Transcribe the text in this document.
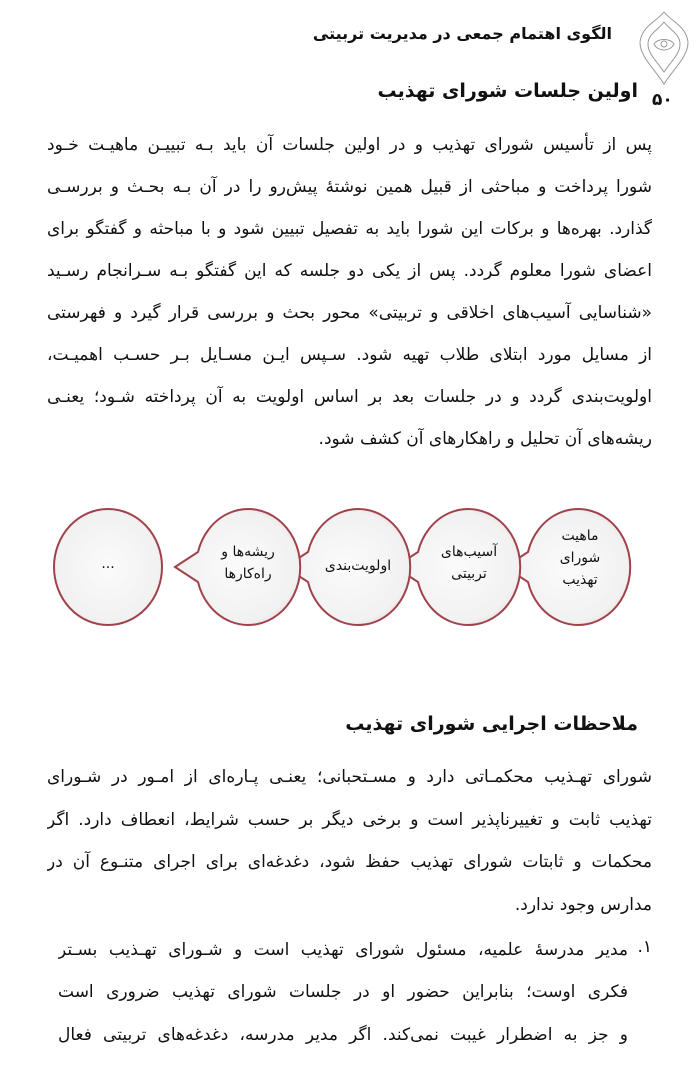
الگوی اهتمام جمعی در مدیریت تربیتی
۵۰
اولین جلسات شورای تهذیب
پس از تأسیس شورای تهذیب و در اولین جلسات آن باید بـه تبییـن ماهیـت خـود
شورا پرداخت و مباحثی از قبیل همین نوشتهٔ پیش‌رو را در آن بـه بحـث و بررسـی
گذارد. بهره‌ها و برکات این شورا باید به تفصیل تبیین شود و با مباحثه و گفتگو برای
اعضای شورا معلوم گردد. پس از یکی دو جلسه که این گفتگو بـه سـرانجام رسـید
«شناسایی آسیب‌های اخلاقی و تربیتی» محور بحث و بررسی قرار گیرد و فهرستی
از مسایل مورد ابتلای طلاب تهیه شود. سـپس ایـن مسـایل بـر حسـب اهمیـت،
اولویت‌بندی گردد و در جلسات بعد بر اساس اولویت به آن پرداخته شـود؛ یعنـی
ریشه‌های آن تحلیل و راهکارهای آن کشف شود.
ماهیت
شورای
تهذیب
آسیب‌های
تربیتی
اولویت‌بندی
ریشه‌ها و
راه‌کارها
...
ملاحظات اجرایی شورای تهذیب
شورای تهـذیب محکمـاتی دارد و مسـتحبانی؛ یعنـی پـاره‌ای از امـور در شـورای
تهذیب ثابت و تغییرناپذیر است و برخی دیگر بر حسب شرایط، انعطاف دارد. اگر
محکمات و ثابتات شورای تهذیب حفظ شود، دغدغه‌ای برای اجرای متنـوع آن در
مدارس وجود ندارد.
۱.
مدیر مدرسهٔ علمیه، مسئول شورای تهذیب است و شـورای تهـذیب بسـتر
فکری اوست؛ بنابراین حضور او در جلسات شورای تهذیب ضروری است
و جز به اضطرار غیبت نمی‌کند. اگر مدیر مدرسه، دغدغه‌های تربیتی فعال
